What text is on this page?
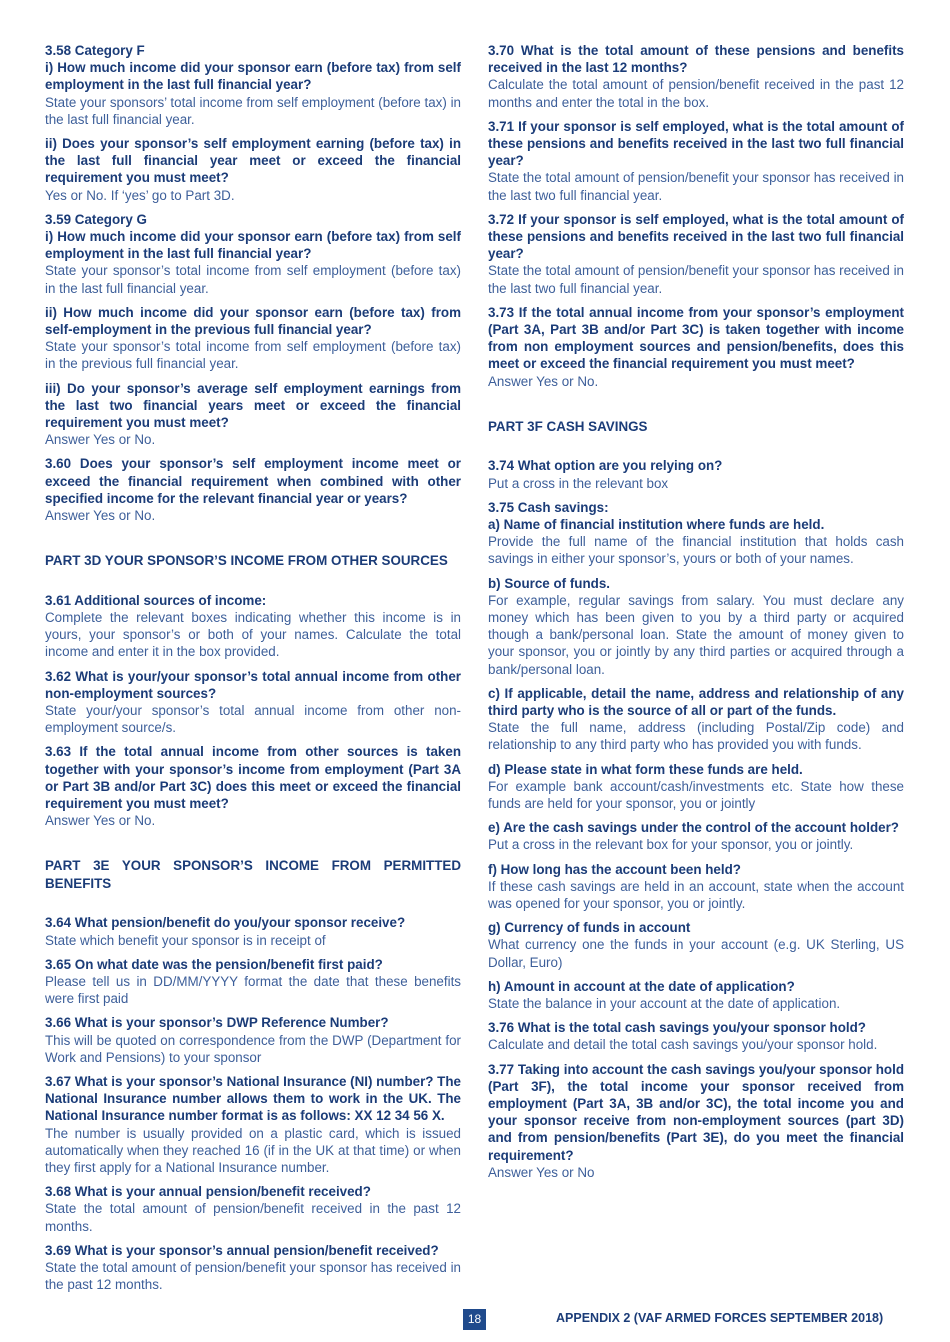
3.58 Category F

i) How much income did your sponsor earn (before tax) from self employment in the last full financial year?

State your sponsors’ total income from self employment (before tax) in the last full financial year.

ii) Does your sponsor’s self employment earning (before tax) in the last full financial year meet or exceed the financial requirement you must meet?

Yes or No. If ‘yes’ go to Part 3D.

3.59 Category G

i) How much income did your sponsor earn (before tax) from self employment in the last full financial year?

State your sponsor’s total income from self employment (before tax) in the last full financial year.

ii) How much income did your sponsor earn (before tax) from self-employment in the previous full financial year?

State your sponsor’s total income from self employment (before tax) in the previous full financial year.

iii) Do your sponsor’s average self employment earnings from the last two financial years meet or exceed the financial requirement you must meet?

Answer Yes or No.

3.60 Does your sponsor’s self employment income meet or exceed the financial requirement when combined with other specified income for the relevant financial year or years?

Answer Yes or No.

PART 3D YOUR SPONSOR’S INCOME FROM OTHER SOURCES

3.61 Additional sources of income:

Complete the relevant boxes indicating whether this income is in yours, your sponsor’s or both of your names. Calculate the total income and enter it in the box provided.

3.62 What is your/your sponsor’s total annual income from other non-employment sources?

State your/your sponsor’s total annual income from other non-employment source/s.

3.63 If the total annual income from other sources is taken together with your sponsor’s income from employment (Part 3A or Part 3B and/or Part 3C) does this meet or exceed the financial requirement you must meet?

Answer Yes or No.

PART 3E YOUR SPONSOR’S INCOME FROM PERMITTED BENEFITS

3.64 What pension/benefit do you/your sponsor receive?

State which benefit your sponsor is in receipt of

3.65 On what date was the pension/benefit first paid?

Please tell us in DD/MM/YYYY format the date that these benefits were first paid

3.66 What is your sponsor’s DWP Reference Number?

This will be quoted on correspondence from the DWP (Department for Work and Pensions) to your sponsor

3.67 What is your sponsor’s National Insurance (NI) number? The National Insurance number allows them to work in the UK. The National Insurance number format is as follows: XX 12 34 56 X.

The number is usually provided on a plastic card, which is issued automatically when they reached 16 (if in the UK at that time) or when they first apply for a National Insurance number.

3.68 What is your annual pension/benefit received?

State the total amount of pension/benefit received in the past 12 months.

3.69 What is your sponsor’s annual pension/benefit received?

State the total amount of pension/benefit your sponsor has received in the past 12 months.

3.70 What is the total amount of these pensions and benefits received in the last 12 months?

Calculate the total amount of pension/benefit received in the past 12 months and enter the total in the box.

3.71 If your sponsor is self employed, what is the total amount of these pensions and benefits received in the last two full financial year?

State the total amount of pension/benefit your sponsor has received in the last two full financial year.

3.72 If your sponsor is self employed, what is the total amount of these pensions and benefits received in the last two full financial year?

State the total amount of pension/benefit your sponsor has received in the last two full financial year.

3.73 If the total annual income from your sponsor’s employment (Part 3A, Part 3B and/or Part 3C) is taken together with income from non employment sources and pension/benefits, does this meet or exceed the financial requirement you must meet?

Answer Yes or No.

PART 3F CASH SAVINGS

3.74 What option are you relying on?

Put a cross in the relevant box

3.75 Cash savings:

a) Name of financial institution where funds are held.

Provide the full name of the financial institution that holds cash savings in either your sponsor’s, yours or both of your names.

b) Source of funds.

For example, regular savings from salary. You must declare any money which has been given to you by a third party or acquired though a bank/personal loan. State the amount of money given to your sponsor, you or jointly by any third parties or acquired through a bank/personal loan.

c) If applicable, detail the name, address and relationship of any third party who is the source of all or part of the funds.

State the full name, address (including Postal/Zip code) and relationship to any third party who has provided you with funds.

d) Please state in what form these funds are held.

For example bank account/cash/investments etc. State how these funds are held for your sponsor, you or jointly

e) Are the cash savings under the control of the account holder?

Put a cross in the relevant box for your sponsor, you or jointly.

f) How long has the account been held?

If these cash savings are held in an account, state when the account was opened for your sponsor, you or jointly.

g) Currency of funds in account

What currency one the funds in your account (e.g. UK Sterling, US Dollar, Euro)

h) Amount in account at the date of application?

State the balance in your account at the date of application.

3.76 What is the total cash savings you/your sponsor hold?

Calculate and detail the total cash savings you/your sponsor hold.

3.77 Taking into account the cash savings you/your sponsor hold (Part 3F), the total income your sponsor received from employment (Part 3A, 3B and/or 3C), the total income you and your sponsor receive from non-employment sources (part 3D) and from pension/benefits (Part 3E), do you meet the financial requirement?

Answer Yes or No

18	APPENDIX 2 (VAF ARMED FORCES SEPTEMBER 2018)
